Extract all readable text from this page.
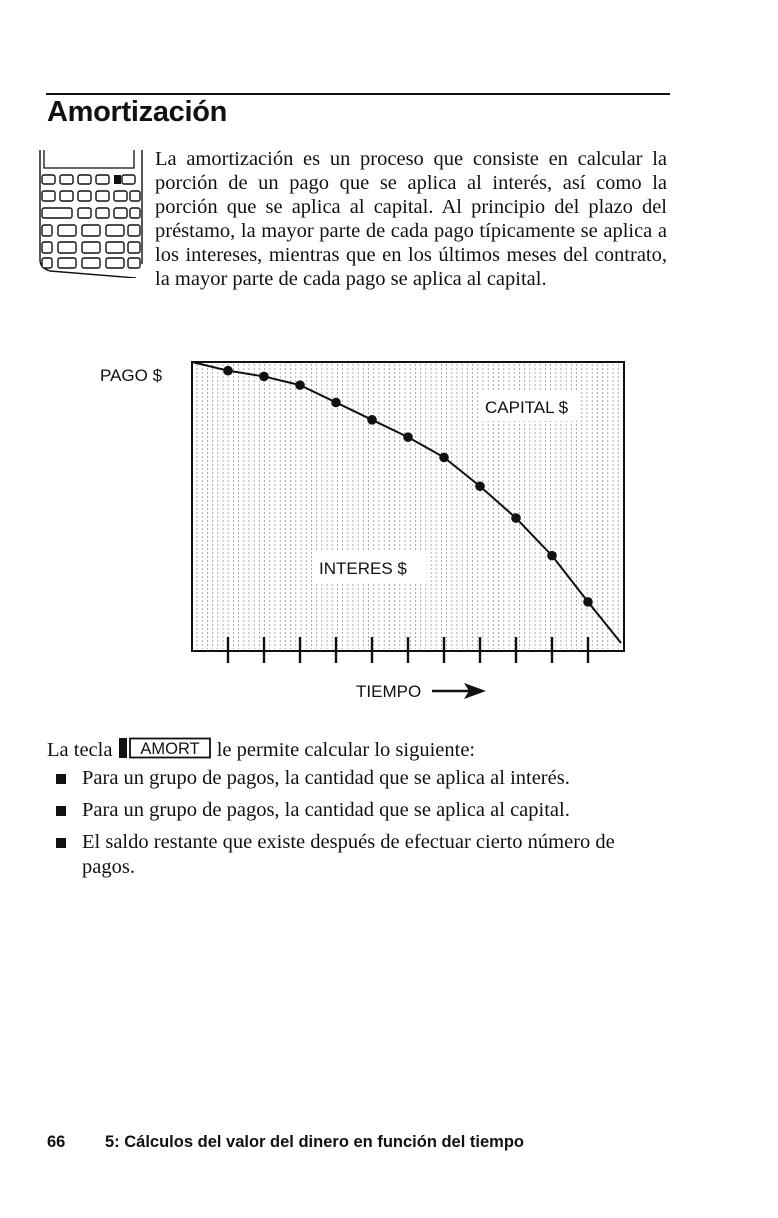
Amortización

La amortización es un proceso que consiste en calcular la porción de un pago que se aplica al interés, así como la porción que se aplica al capital. Al principio del plazo del préstamo, la mayor parte de cada pago típicamente se aplica a los intereses, mientras que en los últimos meses del contrato, la mayor parte de cada pago se aplica al capital.

PAGO $
CAPITAL $
INTERES $
TIEMPO

La tecla AMORT le permite calcular lo siguiente:

Para un grupo de pagos, la cantidad que se aplica al interés.
Para un grupo de pagos, la cantidad que se aplica al capital.
El saldo restante que existe después de efectuar cierto número de pagos.

66 5: Cálculos del valor del dinero en función del tiempo
